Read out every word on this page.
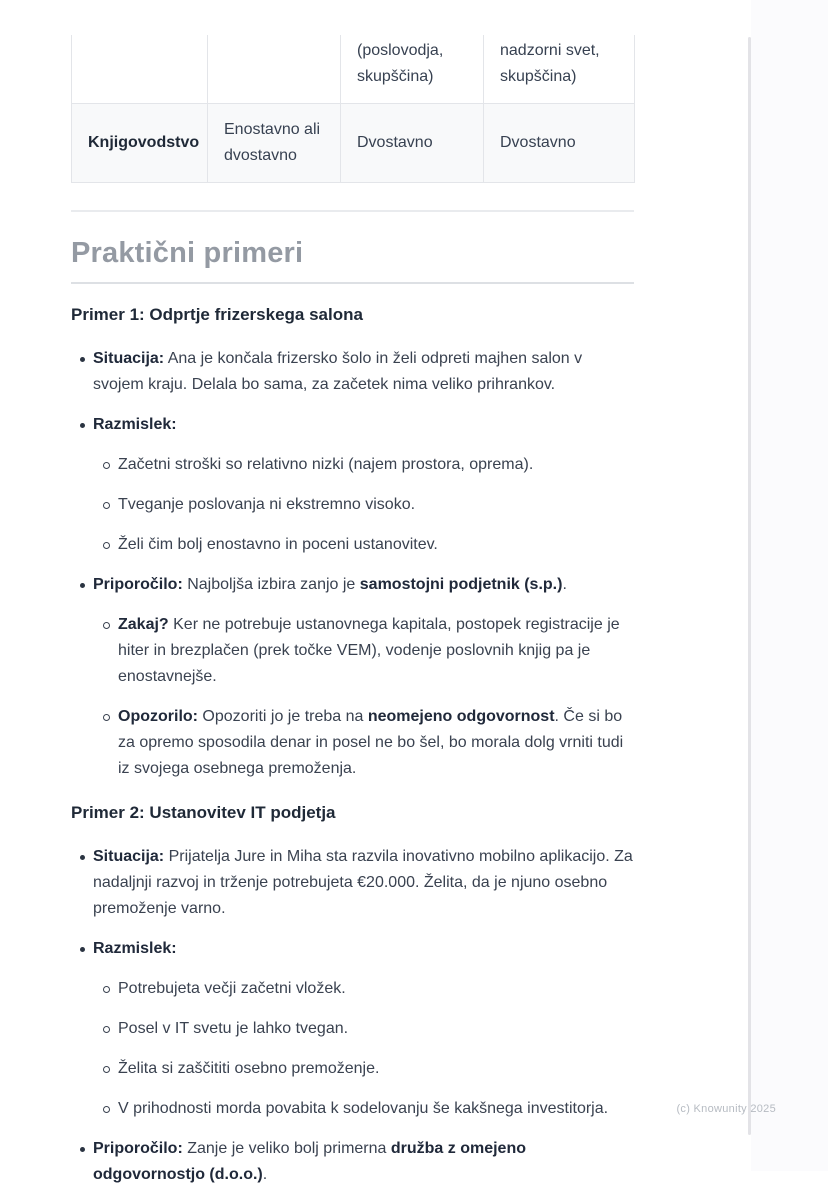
		(poslovodja, skupščina)	nadzorni svet, skupščina)
Knjigovodstvo	Enostavno ali dvostavno	Dvostavno	Dvostavno
Praktični primeri
Primer 1: Odprtje frizerskega salona
Situacija: Ana je končala frizersko šolo in želi odpreti majhen salon v svojem kraju. Delala bo sama, za začetek nima veliko prihrankov.
Razmislek:
Začetni stroški so relativno nizki (najem prostora, oprema).
Tveganje poslovanja ni ekstremno visoko.
Želi čim bolj enostavno in poceni ustanovitev.
Priporočilo: Najboljša izbira zanjo je samostojni podjetnik (s.p.).
Zakaj? Ker ne potrebuje ustanovnega kapitala, postopek registracije je hiter in brezplačen (prek točke VEM), vodenje poslovnih knjig pa je enostavnejše.
Opozorilo: Opozoriti jo je treba na neomejeno odgovornost. Če si bo za opremo sposodila denar in posel ne bo šel, bo morala dolg vrniti tudi iz svojega osebnega premoženja.
Primer 2: Ustanovitev IT podjetja
Situacija: Prijatelja Jure in Miha sta razvila inovativno mobilno aplikacijo. Za nadaljnji razvoj in trženje potrebujeta €20.000. Želita, da je njuno osebno premoženje varno.
Razmislek:
Potrebujeta večji začetni vložek.
Posel v IT svetu je lahko tvegan.
Želita si zaščititi osebno premoženje.
V prihodnosti morda povabita k sodelovanju še kakšnega investitorja.
Priporočilo: Zanje je veliko bolj primerna družba z omejeno odgovornostjo (d.o.o.).
(c) Knowunity 2025
